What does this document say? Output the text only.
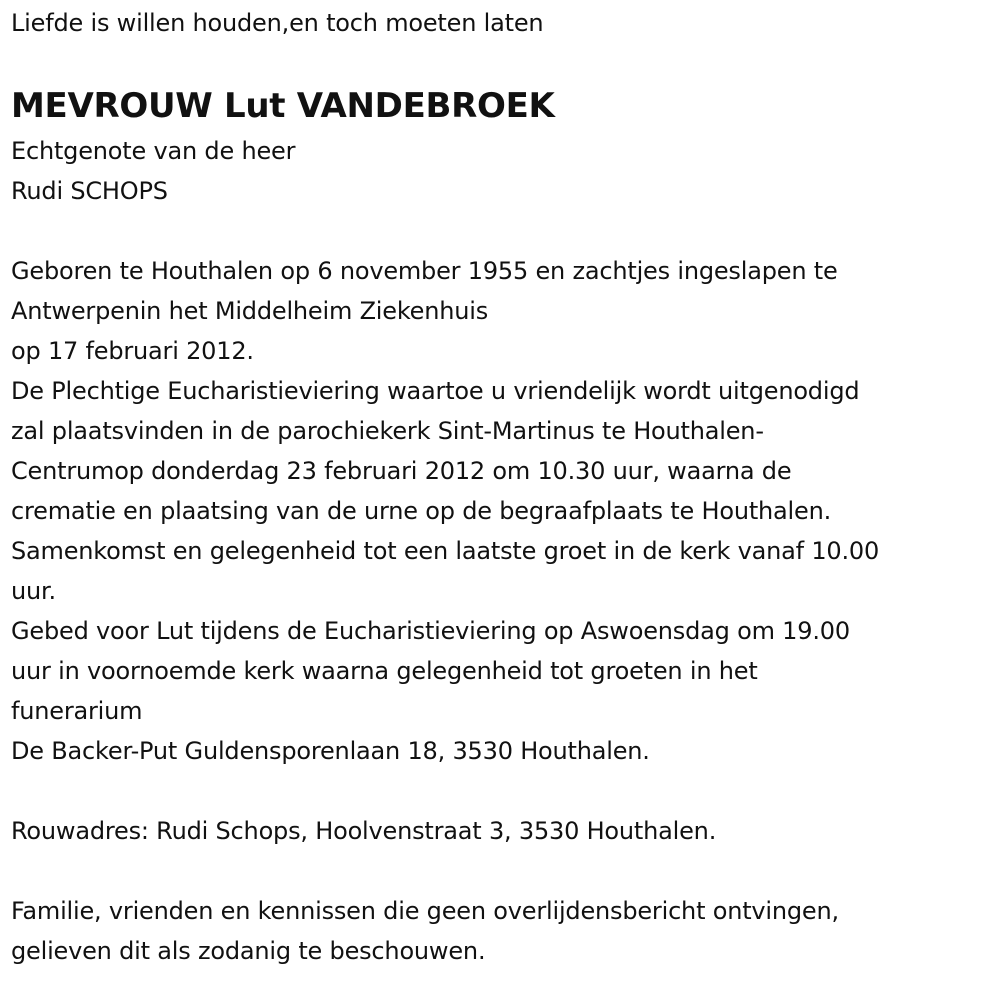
Liefde is willen houden,en toch moeten laten
MEVROUW Lut VANDEBROEK
Echtgenote van de heer
Rudi SCHOPS
Geboren te Houthalen op 6 november 1955 en zachtjes ingeslapen te
Antwerpenin het Middelheim Ziekenhuis
op 17 februari 2012.
De Plechtige Eucharistieviering waartoe u vriendelijk wordt uitgenodigd
zal plaatsvinden in de parochiekerk Sint-Martinus te Houthalen-
Centrumop donderdag 23 februari 2012 om 10.30 uur, waarna de
crematie en plaatsing van de urne op de begraafplaats te Houthalen.
Samenkomst en gelegenheid tot een laatste groet in de kerk vanaf 10.00
uur.
Gebed voor Lut tijdens de Eucharistieviering op Aswoensdag om 19.00
uur in voornoemde kerk waarna gelegenheid tot groeten in het
funerarium
De Backer-Put Guldensporenlaan 18, 3530 Houthalen.
Rouwadres: Rudi Schops, Hoolvenstraat 3, 3530 Houthalen.
Familie, vrienden en kennissen die geen overlijdensbericht ontvingen,
gelieven dit als zodanig te beschouwen.
